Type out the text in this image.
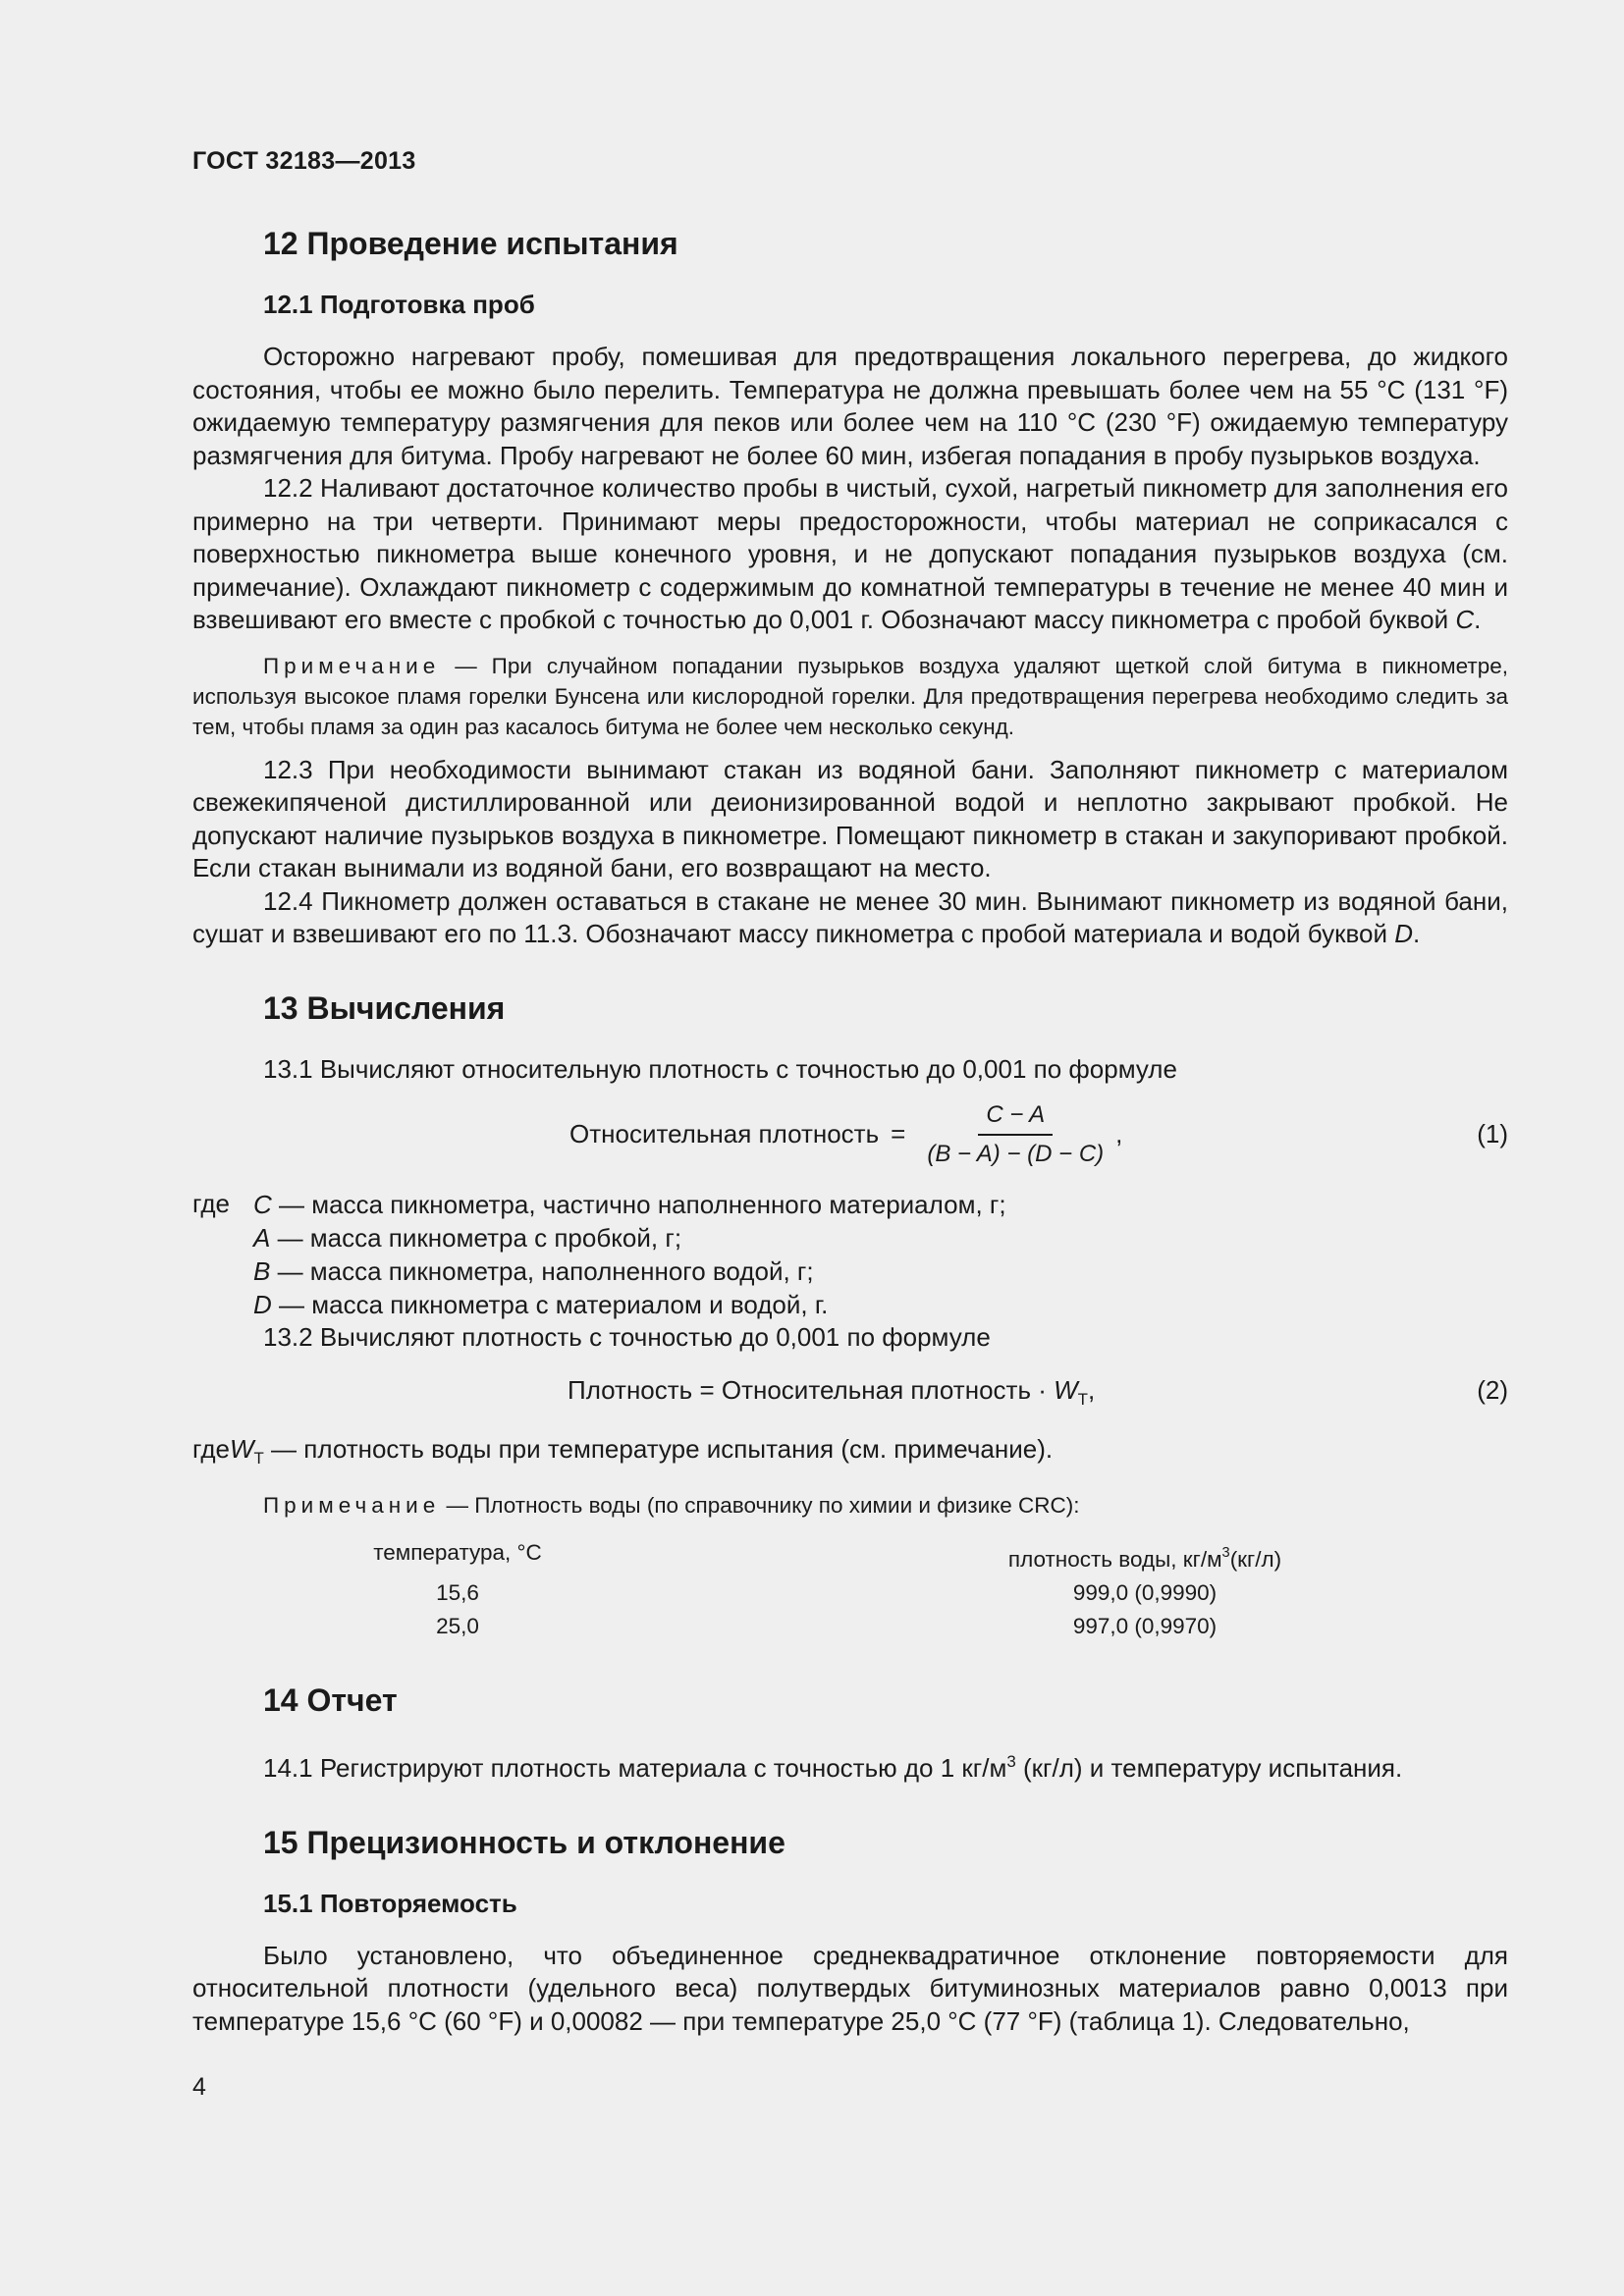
ГОСТ 32183—2013
12 Проведение испытания
12.1 Подготовка проб

Осторожно нагревают пробу, помешивая для предотвращения локального перегрева, до жидкого состояния, чтобы ее можно было перелить. Температура не должна превышать более чем на 55 °С (131 °F) ожидаемую температуру размягчения для пеков или более чем на 110 °С (230 °F) ожидаемую температуру размягчения для битума. Пробу нагревают не более 60 мин, избегая попадания в пробу пузырьков воздуха.

12.2 Наливают достаточное количество пробы в чистый, сухой, нагретый пикнометр для заполнения его примерно на три четверти. Принимают меры предосторожности, чтобы материал не соприкасался с поверхностью пикнометра выше конечного уровня, и не допускают попадания пузырьков воздуха (см. примечание). Охлаждают пикнометр с содержимым до комнатной температуры в течение не менее 40 мин и взвешивают его вместе с пробкой с точностью до 0,001 г. Обозначают массу пикнометра с пробой буквой С.

Примечание — При случайном попадании пузырьков воздуха удаляют щеткой слой битума в пикнометре, используя высокое пламя горелки Бунсена или кислородной горелки. Для предотвращения перегрева необходимо следить за тем, чтобы пламя за один раз касалось битума не более чем несколько секунд.

12.3 При необходимости вынимают стакан из водяной бани. Заполняют пикнометр с материалом свежекипяченой дистиллированной или деионизированной водой и неплотно закрывают пробкой. Не допускают наличие пузырьков воздуха в пикнометре. Помещают пикнометр в стакан и закупоривают пробкой. Если стакан вынимали из водяной бани, его возвращают на место.

12.4 Пикнометр должен оставаться в стакане не менее 30 мин. Вынимают пикнометр из водяной бани, сушат и взвешивают его по 11.3. Обозначают массу пикнометра с пробой материала и водой буквой D.

13 Вычисления

13.1 Вычисляют относительную плотность с точностью до 0,001 по формуле

Относительная плотность = $\frac{C - A}{(B - A) - (D - C)}$ ,	(1)
где C — масса пикнометра, частично наполненного материалом, г;
A — масса пикнометра с пробкой, г;
B — масса пикнометра, наполненного водой, г;
D — масса пикнометра с материалом и водой, г.

13.2 Вычисляют плотность с точностью до 0,001 по формуле

Плотность = Относительная плотность · $W_T$,	(2)
гдеW$_T$ — плотность воды при температуре испытания (см. примечание).
Примечание — Плотность воды (по справочнику по химии и физике CRC):
температура, °С	плотность воды, $кг/м^3(кг/л)$
15,6	999,0 (0,9990)
25,0	997,0 (0,9970)
14 Отчет

14.1 Регистрируют плотность материала с точностью до 1 $кг/м^3$ (кг/л) и температуру испытания.

15 Прецизионность и отклонение
15.1 Повторяемость

Было установлено, что объединенное среднеквадратичное отклонение повторяемости для относительной плотности (удельного веса) полутвердых битуминозных материалов равно 0,0013 при температуре 15,6 °С (60 °F) и 0,00082 — при температуре 25,0 °С (77 °F) (таблица 1). Следовательно,

4
